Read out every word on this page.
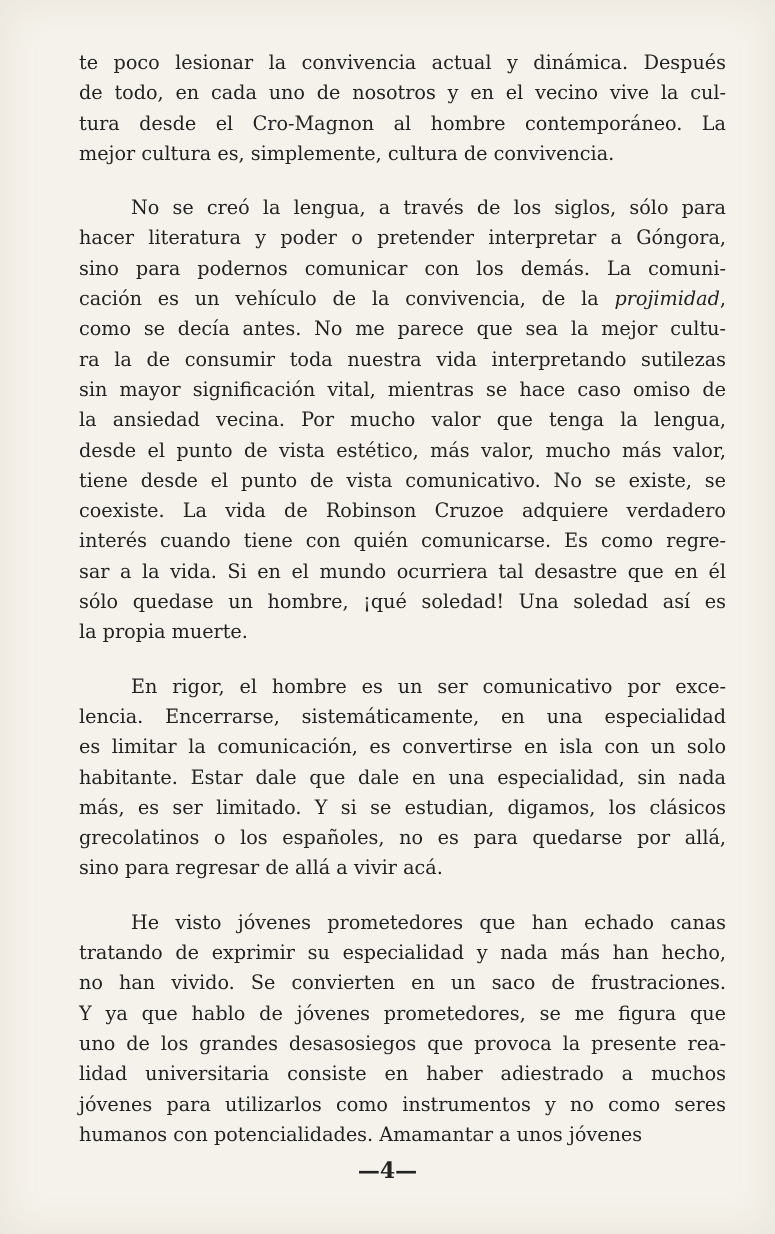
te poco lesionar la convivencia actual y dinámica. Después
de todo, en cada uno de nosotros y en el vecino vive la cul-
tura desde el Cro-Magnon al hombre contemporáneo. La
mejor cultura es, simplemente, cultura de convivencia.
No se creó la lengua, a través de los siglos, sólo para
hacer literatura y poder o pretender interpretar a Góngora,
sino para podernos comunicar con los demás. La comuni-
cación es un vehículo de la convivencia, de la projimidad,
como se decía antes. No me parece que sea la mejor cultu-
ra la de consumir toda nuestra vida interpretando sutilezas
sin mayor significación vital, mientras se hace caso omiso de
la ansiedad vecina. Por mucho valor que tenga la lengua,
desde el punto de vista estético, más valor, mucho más valor,
tiene desde el punto de vista comunicativo. No se existe, se
coexiste. La vida de Robinson Cruzoe adquiere verdadero
interés cuando tiene con quién comunicarse. Es como regre-
sar a la vida. Si en el mundo ocurriera tal desastre que en él
sólo quedase un hombre, ¡qué soledad! Una soledad así es
la propia muerte.
En rigor, el hombre es un ser comunicativo por exce-
lencia. Encerrarse, sistemáticamente, en una especialidad
es limitar la comunicación, es convertirse en isla con un solo
habitante. Estar dale que dale en una especialidad, sin nada
más, es ser limitado. Y si se estudian, digamos, los clásicos
grecolatinos o los españoles, no es para quedarse por allá,
sino para regresar de allá a vivir acá.
He visto jóvenes prometedores que han echado canas
tratando de exprimir su especialidad y nada más han hecho,
no han vivido. Se convierten en un saco de frustraciones.
Y ya que hablo de jóvenes prometedores, se me figura que
uno de los grandes desasosiegos que provoca la presente rea-
lidad universitaria consiste en haber adiestrado a muchos
jóvenes para utilizarlos como instrumentos y no como seres
humanos con potencialidades. Amamantar a unos jóvenes
—4—
